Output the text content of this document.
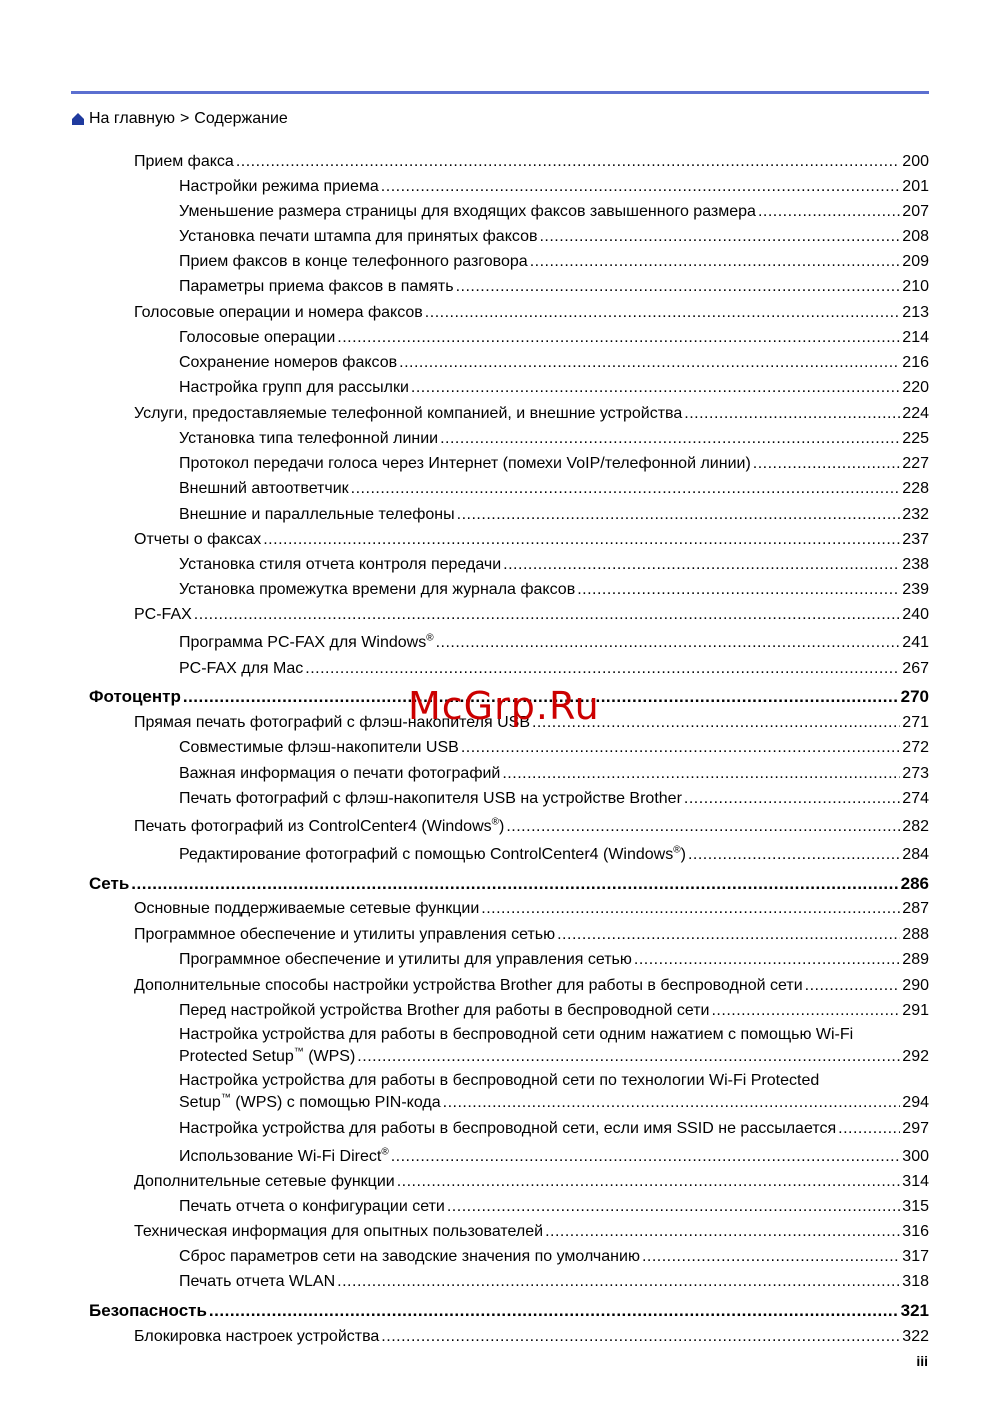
На главную > Содержание
Прием факса .....	200
Настройки режима приема .....	201
Уменьшение размера страницы для входящих факсов завышенного размера .....	207
Установка печати штампа для принятых факсов .....	208
Прием факсов в конце телефонного разговора .....	209
Параметры приема факсов в память .....	210
Голосовые операции и номера факсов .....	213
Голосовые операции .....	214
Сохранение номеров факсов .....	216
Настройка групп для рассылки .....	220
Услуги, предоставляемые телефонной компанией, и внешние устройства .....	224
Установка типа телефонной линии .....	225
Протокол передачи голоса через Интернет (помехи VoIP/телефонной линии) .....	227
Внешний автоответчик .....	228
Внешние и параллельные телефоны .....	232
Отчеты о факсах .....	237
Установка стиля отчета контроля передачи .....	238
Установка промежутка времени для журнала факсов .....	239
PC-FAX .....	240
Программа PC-FAX для Windows® .....	241
PC-FAX для Mac .....	267
Фотоцентр .....	270
Прямая печать фотографий с флэш-накопителя USB .....	271
Совместимые флэш-накопители USB .....	272
Важная информация о печати фотографий .....	273
Печать фотографий с флэш-накопителя USB на устройстве Brother .....	274
Печать фотографий из ControlCenter4 (Windows®) .....	282
Редактирование фотографий с помощью ControlCenter4 (Windows®) .....	284
Сеть .....	286
Основные поддерживаемые сетевые функции .....	287
Программное обеспечение и утилиты управления сетью .....	288
Программное обеспечение и утилиты для управления сетью .....	289
Дополнительные способы настройки устройства Brother для работы в беспроводной сети .....	290
Перед настройкой устройства Brother для работы в беспроводной сети .....	291
Настройка устройства для работы в беспроводной сети одним нажатием с помощью Wi-Fi
Protected Setup™ (WPS) .....	292
Настройка устройства для работы в беспроводной сети по технологии Wi-Fi Protected
Setup™ (WPS) с помощью PIN-кода .....	294
Настройка устройства для работы в беспроводной сети, если имя SSID не рассылается .....	297
Использование Wi-Fi Direct® .....	300
Дополнительные сетевые функции .....	314
Печать отчета о конфигурации сети .....	315
Техническая информация для опытных пользователей .....	316
Сброс параметров сети на заводские значения по умолчанию .....	317
Печать отчета WLAN .....	318
Безопасность .....	321
Блокировка настроек устройства .....	322
McGrp.Ru
iii
